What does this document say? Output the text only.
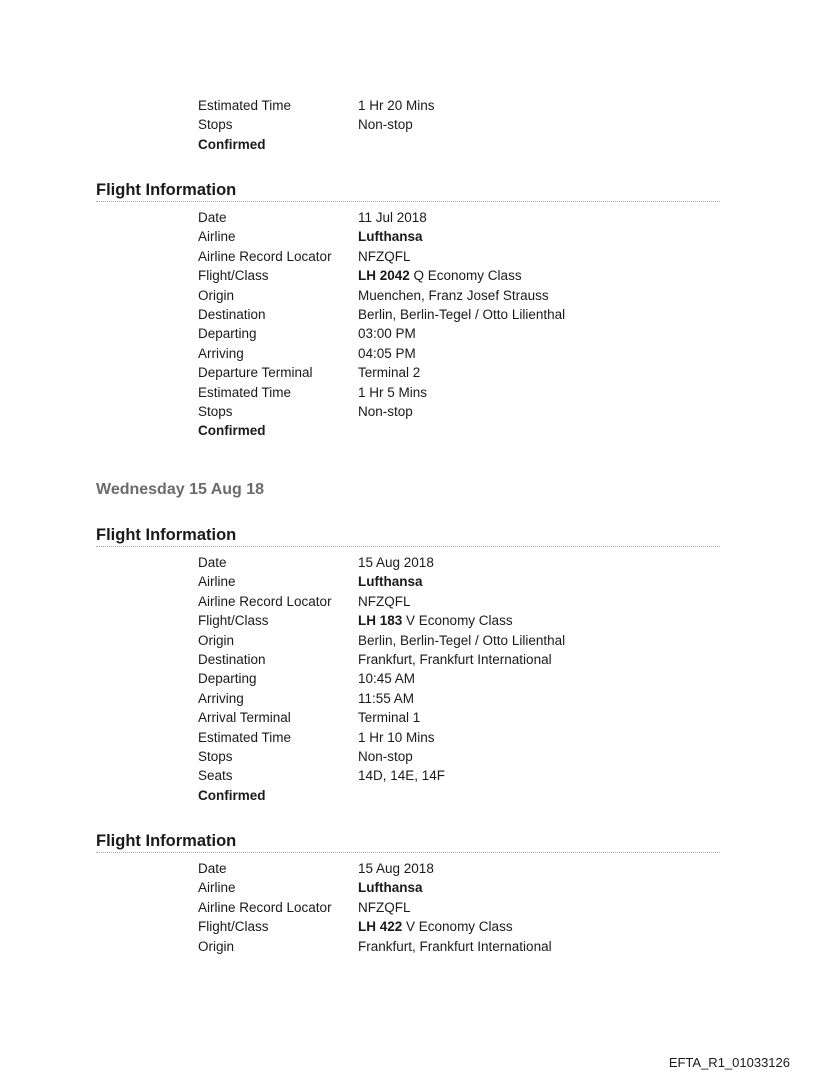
Estimated Time	1 Hr 20 Mins
Stops	Non-stop
Confirmed
Flight Information
Date	11 Jul 2018
Airline	Lufthansa
Airline Record Locator	NFZQFL
Flight/Class	LH 2042 Q Economy Class
Origin	Muenchen, Franz Josef Strauss
Destination	Berlin, Berlin-Tegel / Otto Lilienthal
Departing	03:00 PM
Arriving	04:05 PM
Departure Terminal	Terminal 2
Estimated Time	1 Hr 5 Mins
Stops	Non-stop
Confirmed
Wednesday 15 Aug 18
Flight Information
Date	15 Aug 2018
Airline	Lufthansa
Airline Record Locator	NFZQFL
Flight/Class	LH 183 V Economy Class
Origin	Berlin, Berlin-Tegel / Otto Lilienthal
Destination	Frankfurt, Frankfurt International
Departing	10:45 AM
Arriving	11:55 AM
Arrival Terminal	Terminal 1
Estimated Time	1 Hr 10 Mins
Stops	Non-stop
Seats	14D, 14E, 14F
Confirmed
Flight Information
Date	15 Aug 2018
Airline	Lufthansa
Airline Record Locator	NFZQFL
Flight/Class	LH 422 V Economy Class
Origin	Frankfurt, Frankfurt International
EFTA_R1_01033126
